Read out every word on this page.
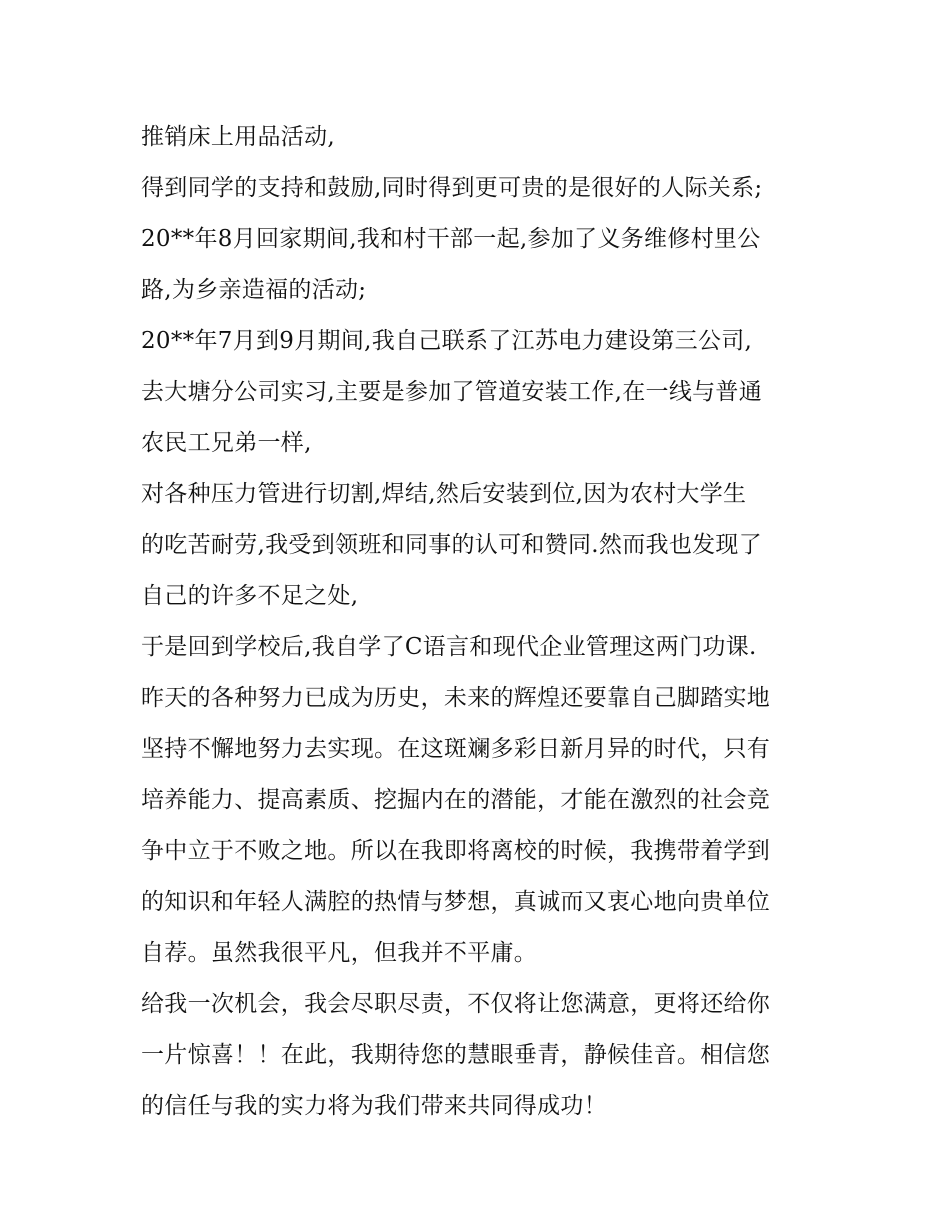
推销床上用品活动,
得到同学的支持和鼓励,同时得到更可贵的是很好的人际关系;
20**年8月回家期间,我和村干部一起,参加了义务维修村里公
路,为乡亲造福的活动;
20**年7月到9月期间,我自己联系了江苏电力建设第三公司,
去大塘分公司实习,主要是参加了管道安装工作,在一线与普通
农民工兄弟一样,
对各种压力管进行切割,焊结,然后安装到位,因为农村大学生
的吃苦耐劳,我受到领班和同事的认可和赞同.然而我也发现了
自己的许多不足之处,
于是回到学校后,我自学了C语言和现代企业管理这两门功课.
昨天的各种努力已成为历史，未来的辉煌还要靠自己脚踏实地
坚持不懈地努力去实现。在这斑斓多彩日新月异的时代，只有
培养能力、提高素质、挖掘内在的潜能，才能在激烈的社会竞
争中立于不败之地。所以在我即将离校的时候，我携带着学到
的知识和年轻人满腔的热情与梦想，真诚而又衷心地向贵单位
自荐。虽然我很平凡，但我并不平庸。
给我一次机会，我会尽职尽责，不仅将让您满意，更将还给你
一片惊喜！！在此，我期待您的慧眼垂青，静候佳音。相信您
的信任与我的实力将为我们带来共同得成功！
